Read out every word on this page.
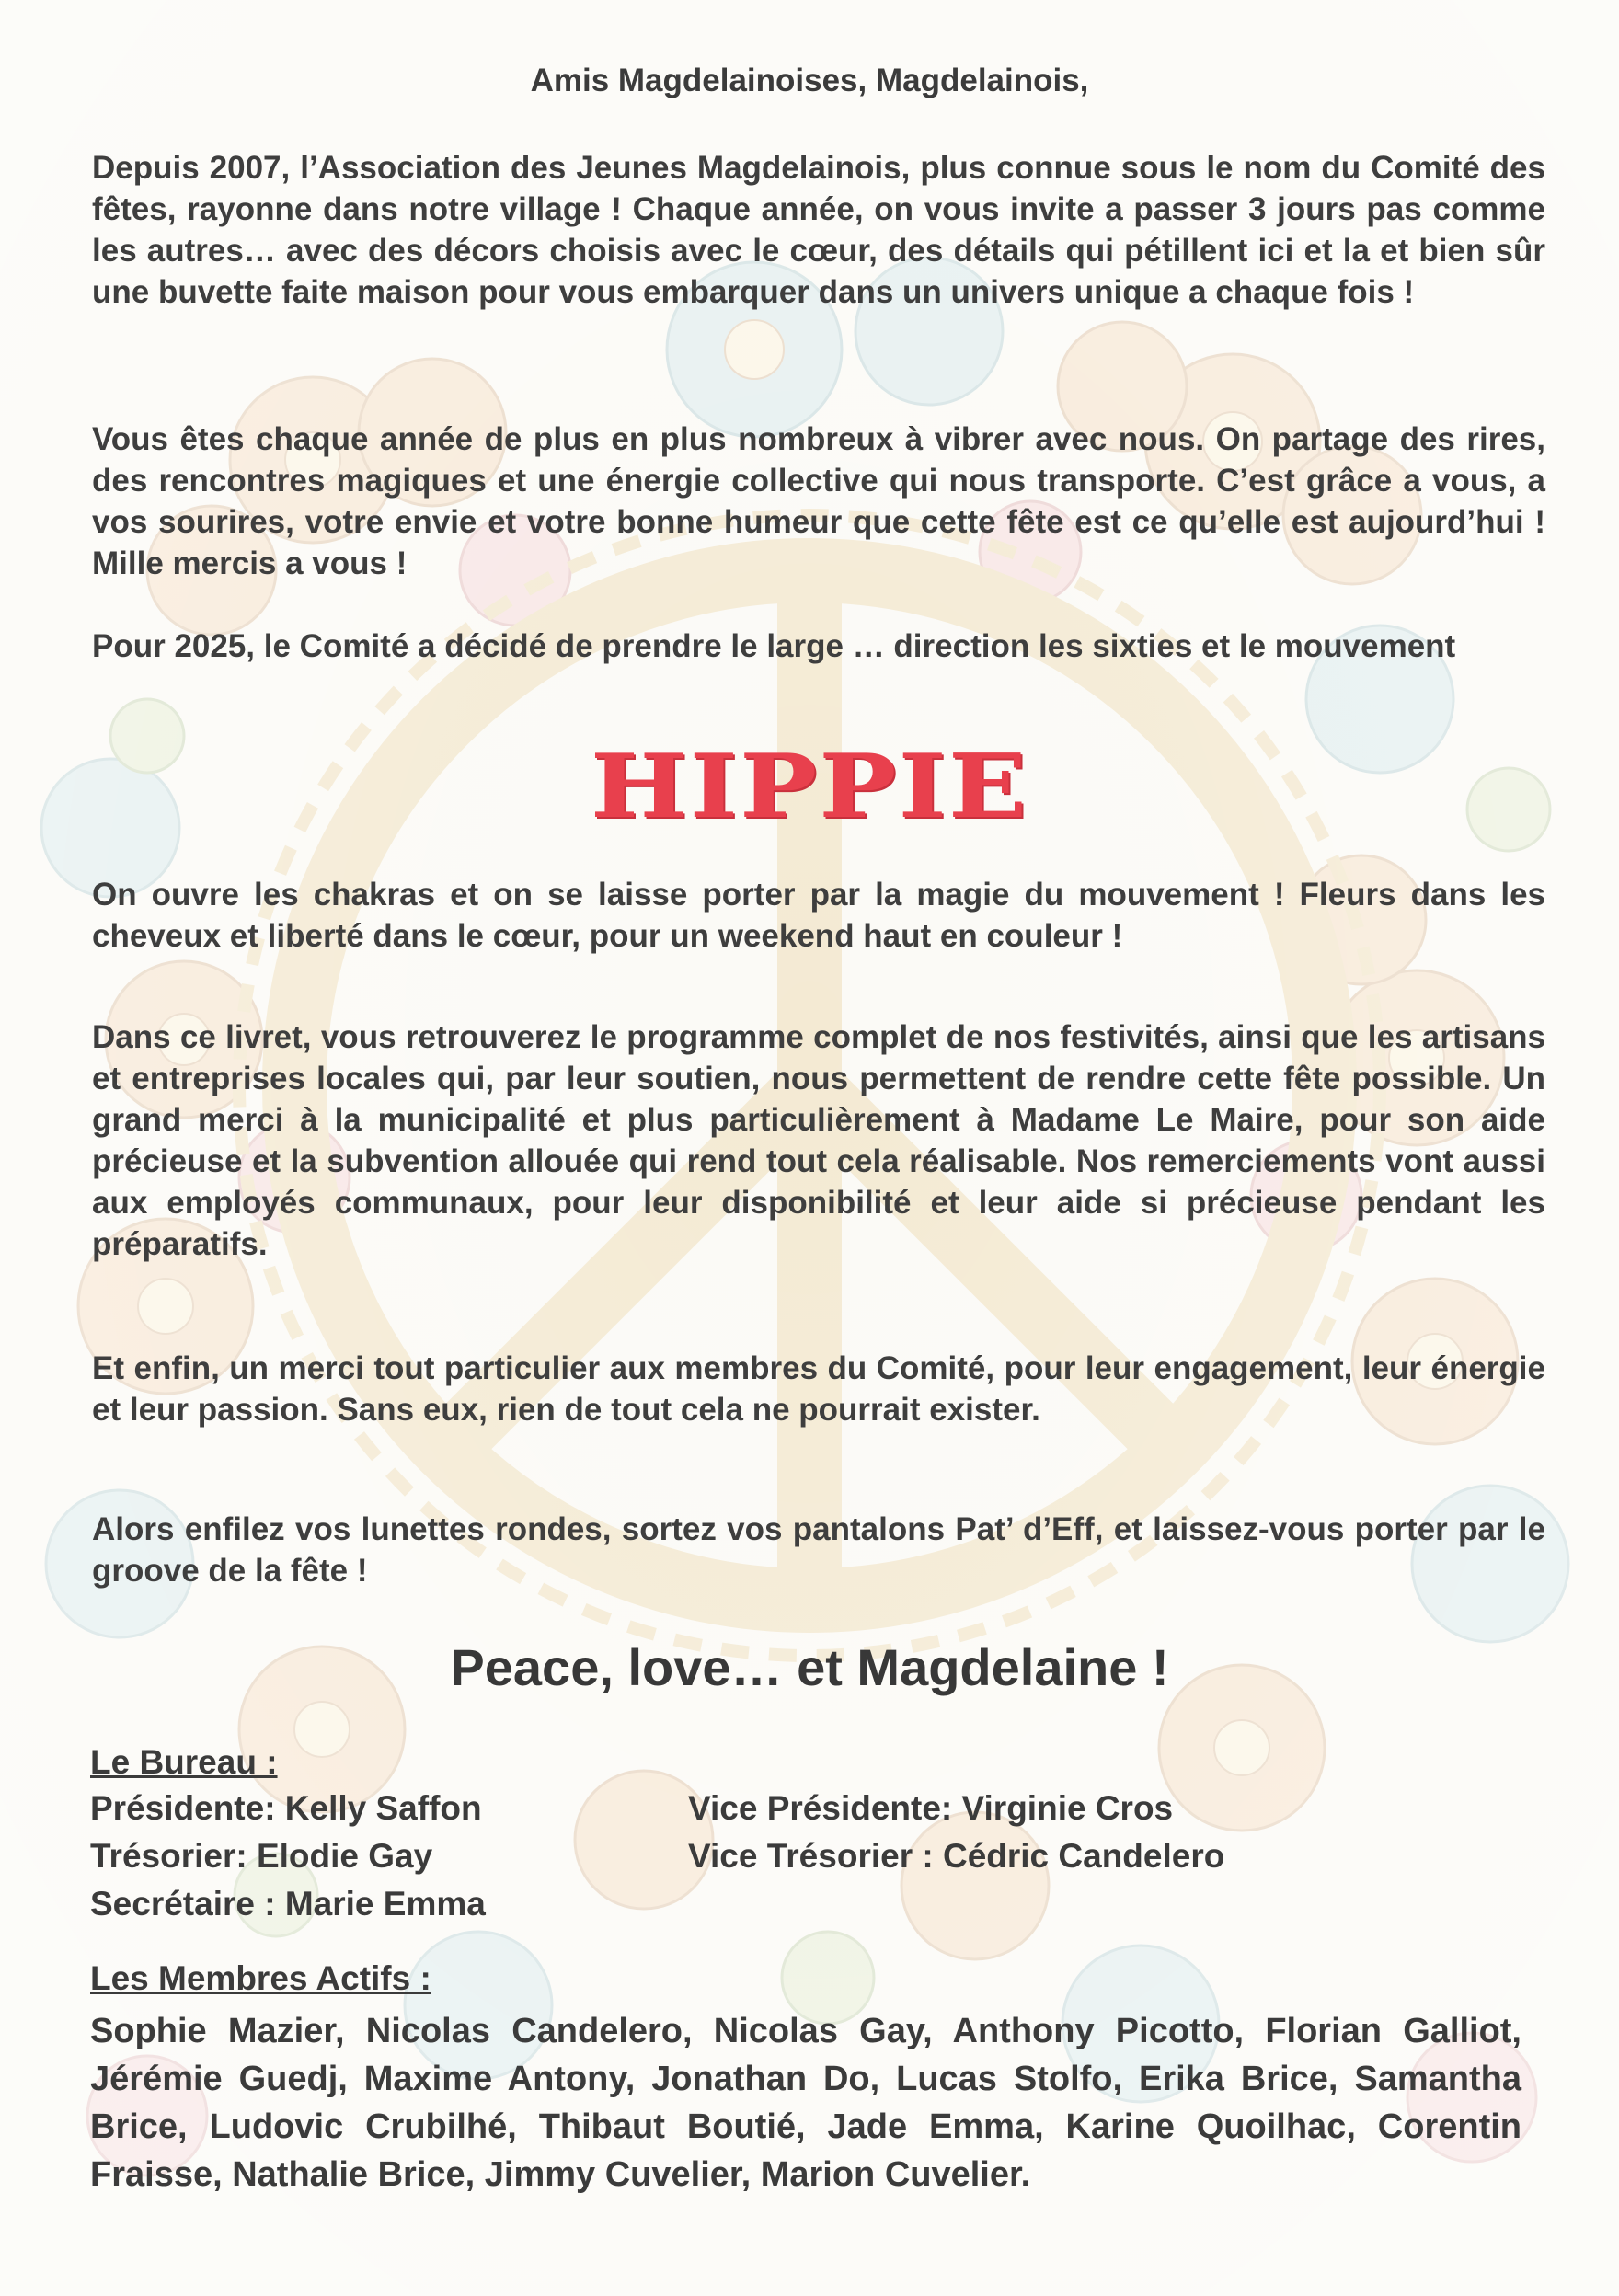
Amis Magdelainoises, Magdelainois,

Depuis 2007, l’Association des Jeunes Magdelainois, plus connue sous le nom du Comité des fêtes, rayonne dans notre village ! Chaque année, on vous invite a passer 3 jours pas comme les autres… avec des décors choisis avec le cœur, des détails qui pétillent ici et la et bien sûr une buvette faite maison pour vous embarquer dans un univers unique a chaque fois !

Vous êtes chaque année de plus en plus nombreux à vibrer avec nous. On partage des rires, des rencontres magiques et une énergie collective qui nous transporte. C’est grâce a vous, a vos sourires, votre envie et votre bonne humeur que cette fête est ce qu’elle est aujourd’hui ! Mille mercis a vous !

Pour 2025, le Comité a décidé de prendre le large … direction les sixties et le mouvement

HIPPIE

On ouvre les chakras et on se laisse porter par la magie du mouvement ! Fleurs dans les cheveux et liberté dans le cœur, pour un weekend haut en couleur !

Dans ce livret, vous retrouverez le programme complet de nos festivités, ainsi que les artisans et entreprises locales qui, par leur soutien, nous permettent de rendre cette fête possible. Un grand merci à la municipalité et plus particulièrement à Madame Le Maire, pour son aide précieuse et la subvention allouée qui rend tout cela réalisable. Nos remerciements vont aussi aux employés communaux, pour leur disponibilité et leur aide si précieuse pendant les préparatifs.

Et enfin, un merci tout particulier aux membres du Comité, pour leur engagement, leur énergie et leur passion. Sans eux, rien de tout cela ne pourrait exister.

Alors enfilez vos lunettes rondes, sortez vos pantalons Pat’ d’Eff, et laissez-vous porter par le groove de la fête !

Peace, love… et Magdelaine !
Le Bureau :
Présidente: Kelly Saffon	Vice Présidente: Virginie Cros
Trésorier: Elodie Gay	Vice Trésorier : Cédric Candelero
Secrétaire : Marie Emma
Les Membres Actifs :

Sophie Mazier, Nicolas Candelero, Nicolas Gay, Anthony Picotto, Florian Galliot, Jérémie Guedj, Maxime Antony, Jonathan Do, Lucas Stolfo, Erika Brice, Samantha Brice, Ludovic Crubilhé, Thibaut Boutié, Jade Emma, Karine Quoilhac, Corentin Fraisse, Nathalie Brice, Jimmy Cuvelier, Marion Cuvelier.
